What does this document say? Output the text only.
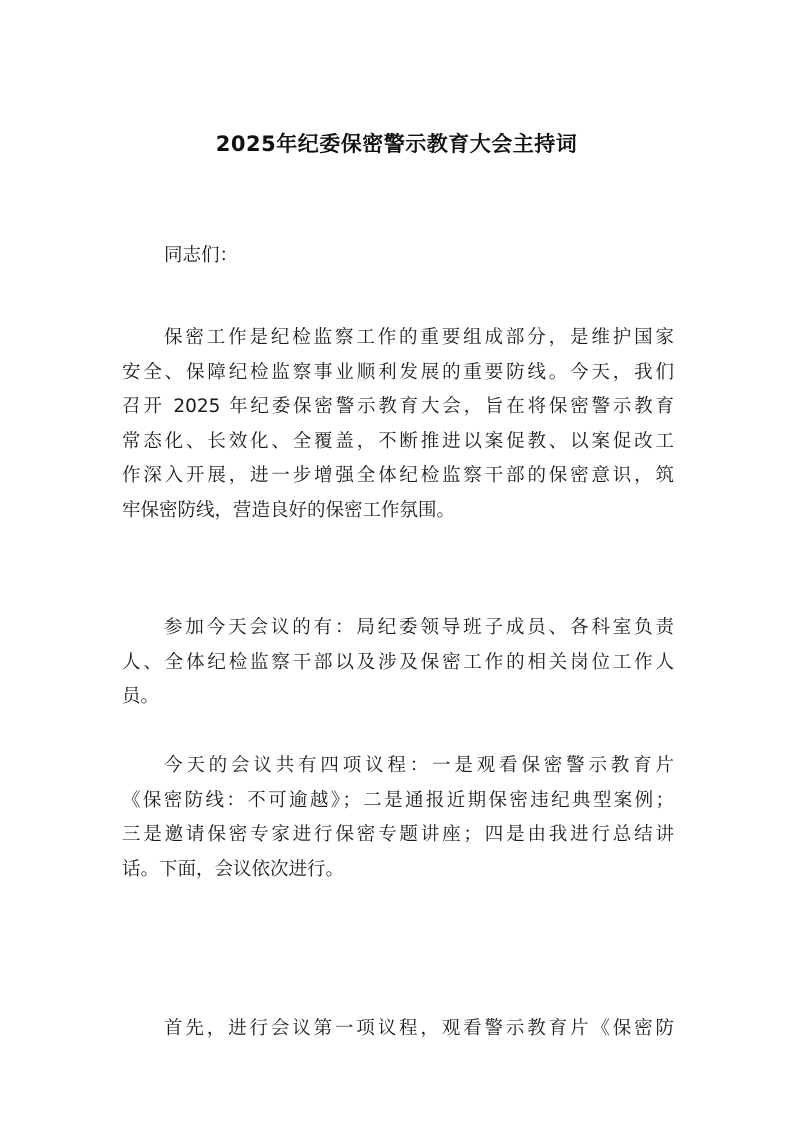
2025年纪委保密警示教育大会主持词
同志们：
保密工作是纪检监察工作的重要组成部分，是维护国家
安全、保障纪检监察事业顺利发展的重要防线。今天，我们
召开 2025 年纪委保密警示教育大会，旨在将保密警示教育
常态化、长效化、全覆盖，不断推进以案促教、以案促改工
作深入开展，进一步增强全体纪检监察干部的保密意识，筑
牢保密防线，营造良好的保密工作氛围。
参加今天会议的有：局纪委领导班子成员、各科室负责
人、全体纪检监察干部以及涉及保密工作的相关岗位工作人
员。
今天的会议共有四项议程：一是观看保密警示教育片
《保密防线：不可逾越》；二是通报近期保密违纪典型案例；
三是邀请保密专家进行保密专题讲座；四是由我进行总结讲
话。下面，会议依次进行。
首先，进行会议第一项议程，观看警示教育片《保密防
